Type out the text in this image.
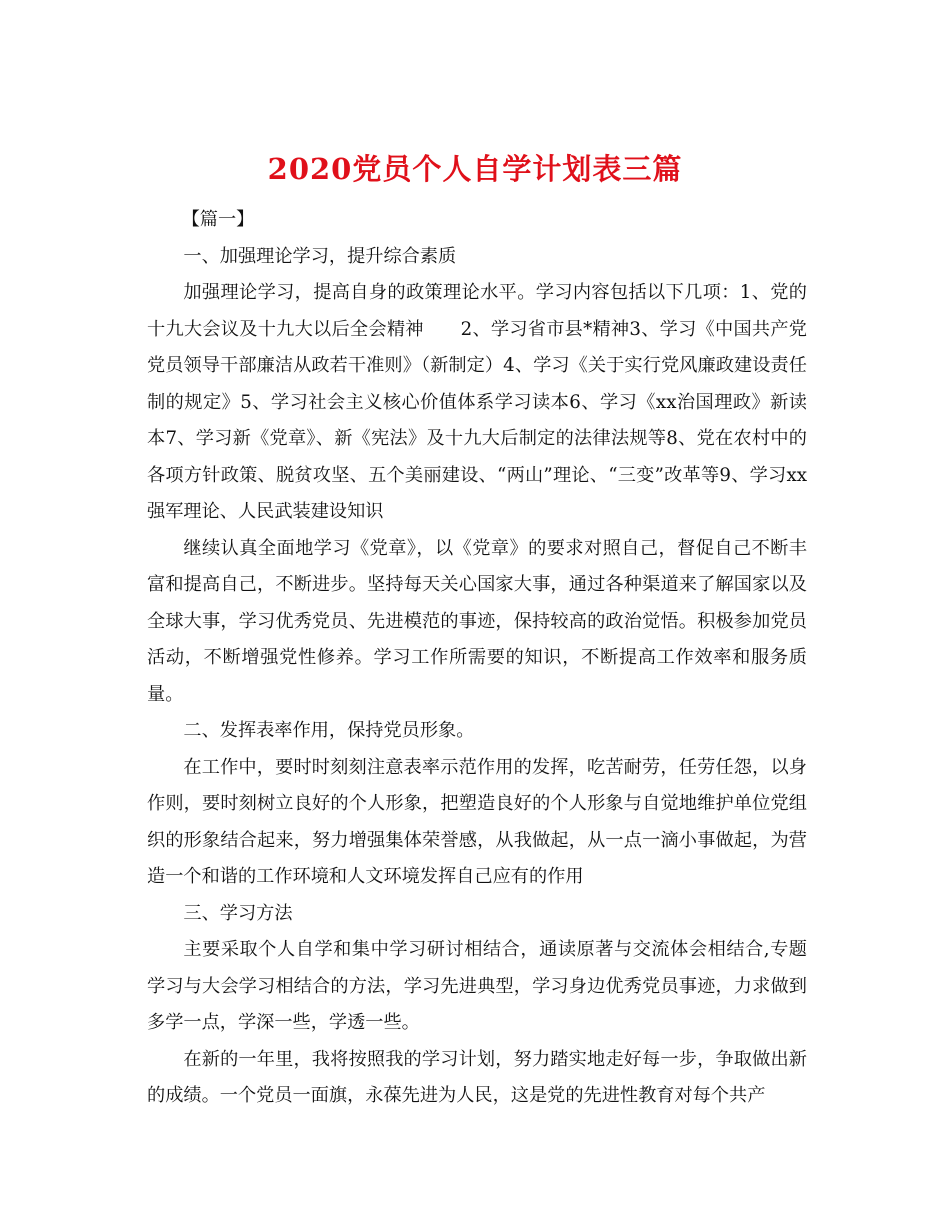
2020党员个人自学计划表三篇

【篇一】

一、加强理论学习，提升综合素质

加强理论学习，提高自身的政策理论水平。学习内容包括以下几项：1、党的十九大会议及十九大以后全会精神　　2、学习省市县*精神3、学习《中国共产党党员领导干部廉洁从政若干准则》（新制定）4、学习《关于实行党风廉政建设责任制的规定》5、学习社会主义核心价值体系学习读本6、学习《xx治国理政》新读本7、学习新《党章》、新《宪法》及十九大后制定的法律法规等8、党在农村中的各项方针政策、脱贫攻坚、五个美丽建设、“两山”理论、“三变”改革等9、学习xx强军理论、人民武装建设知识

继续认真全面地学习《党章》，以《党章》的要求对照自己，督促自己不断丰富和提高自己，不断进步。坚持每天关心国家大事，通过各种渠道来了解国家以及全球大事，学习优秀党员、先进模范的事迹，保持较高的政治觉悟。积极参加党员活动，不断增强党性修养。学习工作所需要的知识，不断提高工作效率和服务质量。

二、发挥表率作用，保持党员形象。

在工作中，要时时刻刻注意表率示范作用的发挥，吃苦耐劳，任劳任怨，以身作则，要时刻树立良好的个人形象，把塑造良好的个人形象与自觉地维护单位党组织的形象结合起来，努力增强集体荣誉感，从我做起，从一点一滴小事做起，为营造一个和谐的工作环境和人文环境发挥自己应有的作用

三、学习方法

主要采取个人自学和集中学习研讨相结合，通读原著与交流体会相结合,专题学习与大会学习相结合的方法，学习先进典型，学习身边优秀党员事迹，力求做到多学一点，学深一些，学透一些。

在新的一年里，我将按照我的学习计划，努力踏实地走好每一步，争取做出新的成绩。一个党员一面旗，永葆先进为人民，这是党的先进性教育对每个共产
